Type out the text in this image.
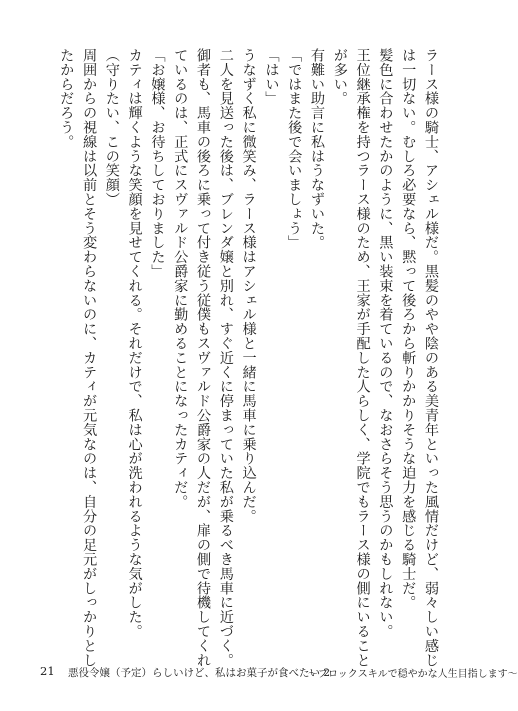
ラース様の騎士、アシェル様だ。黒髪のやや陰のある美青年といった風情だけど、弱々しい感じ
は一切ない。むしろ必要なら、黙って後ろから斬りかかりそうな迫力を感じる騎士だ。
髪色に合わせたかのように、黒い装束を着ているので、なおさらそう思うのかもしれない。
王位継承権を持つラース様のため、王家が手配した人らしく、学院でもラース様の側にいること
が多い。
有難い助言に私はうなずいた。
「ではまた後で会いましょう」
「はい」
うなずく私に微笑み、ラース様はアシェル様と一緒に馬車に乗り込んだ。
二人を見送った後は、ブレンダ嬢と別れ、すぐ近くに停まっていた私が乗るべき馬車に近づく。
御者も、馬車の後ろに乗って付き従う従僕もスヴァルド公爵家の人だが、扉の側で待機してくれ
ているのは、正式にスヴァルド公爵家に勤めることになったカティだ。
「お嬢様、お待ちしておりました」
カティは輝くような笑顔を見せてくれる。それだけで、私は心が洗われるような気がした。
（守りたい、この笑顔）
周囲からの視線は以前とそう変わらないのに、カティが元気なのは、自分の足元がしっかりとし
たからだろう。
21 悪役令嬢（予定）らしいけど、私はお菓子が食べたい 2
～ブロックスキルで穏やかな人生目指します～
